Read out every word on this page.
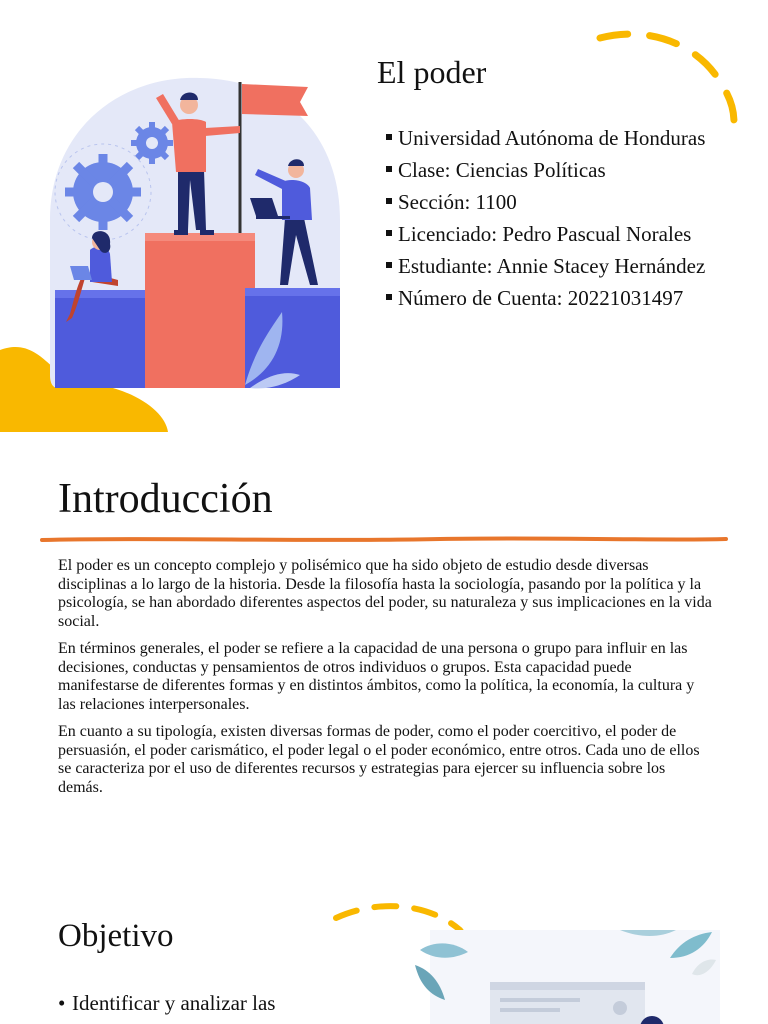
El poder
Universidad Autónoma de Honduras
Clase: Ciencias Políticas
Sección: 1100
Licenciado: Pedro Pascual Norales
Estudiante: Annie Stacey Hernández
Número de Cuenta: 20221031497
Introducción

El poder es un concepto complejo y polisémico que ha sido objeto de estudio desde diversas disciplinas a lo largo de la historia. Desde la filosofía hasta la sociología, pasando por la política y la psicología, se han abordado diferentes aspectos del poder, su naturaleza y sus implicaciones en la vida social.

En términos generales, el poder se refiere a la capacidad de una persona o grupo para influir en las decisiones, conductas y pensamientos de otros individuos o grupos. Esta capacidad puede manifestarse de diferentes formas y en distintos ámbitos, como la política, la economía, la cultura y las relaciones interpersonales.

En cuanto a su tipología, existen diversas formas de poder, como el poder coercitivo, el poder de persuasión, el poder carismático, el poder legal o el poder económico, entre otros. Cada uno de ellos se caracteriza por el uso de diferentes recursos y estrategias para ejercer su influencia sobre los demás.

Objetivo
• Identificar y analizar las
